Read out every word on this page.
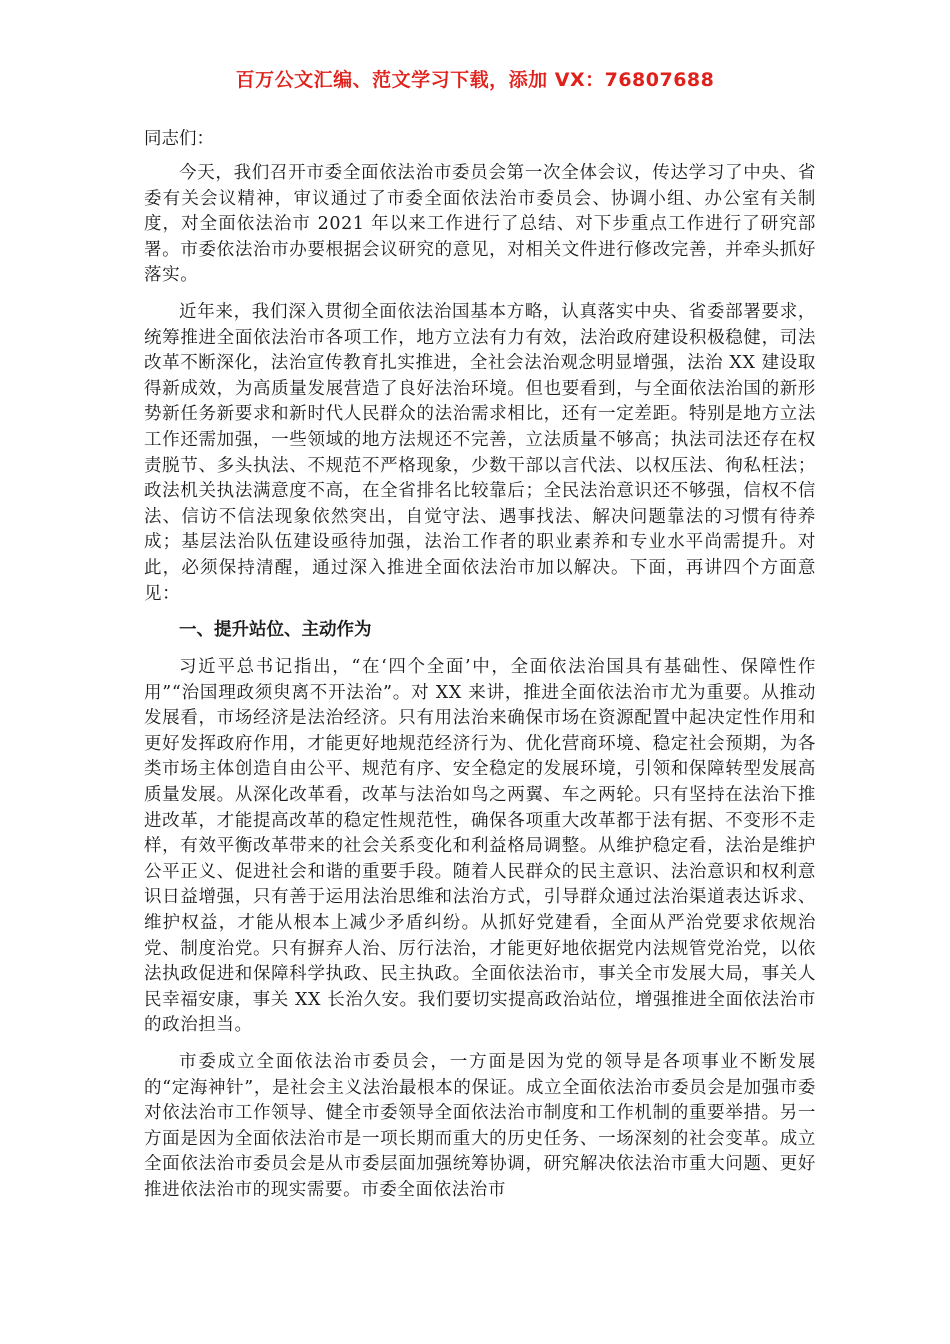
百万公文汇编、范文学习下载，添加 VX：76807688

同志们：

今天，我们召开市委全面依法治市委员会第一次全体会议，传达学习了中央、省委有关会议精神，审议通过了市委全面依法治市委员会、协调小组、办公室有关制度，对全面依法治市 2021 年以来工作进行了总结、对下步重点工作进行了研究部署。市委依法治市办要根据会议研究的意见，对相关文件进行修改完善，并牵头抓好落实。

近年来，我们深入贯彻全面依法治国基本方略，认真落实中央、省委部署要求，统筹推进全面依法治市各项工作，地方立法有力有效，法治政府建设积极稳健，司法改革不断深化，法治宣传教育扎实推进，全社会法治观念明显增强，法治 XX 建设取得新成效，为高质量发展营造了良好法治环境。但也要看到，与全面依法治国的新形势新任务新要求和新时代人民群众的法治需求相比，还有一定差距。特别是地方立法工作还需加强，一些领域的地方法规还不完善，立法质量不够高；执法司法还存在权责脱节、多头执法、不规范不严格现象，少数干部以言代法、以权压法、徇私枉法；政法机关执法满意度不高，在全省排名比较靠后；全民法治意识还不够强，信权不信法、信访不信法现象依然突出，自觉守法、遇事找法、解决问题靠法的习惯有待养成；基层法治队伍建设亟待加强，法治工作者的职业素养和专业水平尚需提升。对此，必须保持清醒，通过深入推进全面依法治市加以解决。下面，再讲四个方面意见：

一、提升站位、主动作为

习近平总书记指出，“在‘四个全面’中，全面依法治国具有基础性、保障性作用”“治国理政须臾离不开法治”。对 XX 来讲，推进全面依法治市尤为重要。从推动发展看，市场经济是法治经济。只有用法治来确保市场在资源配置中起决定性作用和更好发挥政府作用，才能更好地规范经济行为、优化营商环境、稳定社会预期，为各类市场主体创造自由公平、规范有序、安全稳定的发展环境，引领和保障转型发展高质量发展。从深化改革看，改革与法治如鸟之两翼、车之两轮。只有坚持在法治下推进改革，才能提高改革的稳定性规范性，确保各项重大改革都于法有据、不变形不走样，有效平衡改革带来的社会关系变化和利益格局调整。从维护稳定看，法治是维护公平正义、促进社会和谐的重要手段。随着人民群众的民主意识、法治意识和权利意识日益增强，只有善于运用法治思维和法治方式，引导群众通过法治渠道表达诉求、维护权益，才能从根本上减少矛盾纠纷。从抓好党建看，全面从严治党要求依规治党、制度治党。只有摒弃人治、厉行法治，才能更好地依据党内法规管党治党，以依法执政促进和保障科学执政、民主执政。全面依法治市，事关全市发展大局，事关人民幸福安康，事关 XX 长治久安。我们要切实提高政治站位，增强推进全面依法治市的政治担当。

市委成立全面依法治市委员会，一方面是因为党的领导是各项事业不断发展的“定海神针”，是社会主义法治最根本的保证。成立全面依法治市委员会是加强市委对依法治市工作领导、健全市委领导全面依法治市制度和工作机制的重要举措。另一方面是因为全面依法治市是一项长期而重大的历史任务、一场深刻的社会变革。成立全面依法治市委员会是从市委层面加强统筹协调，研究解决依法治市重大问题、更好推进依法治市的现实需要。市委全面依法治市
